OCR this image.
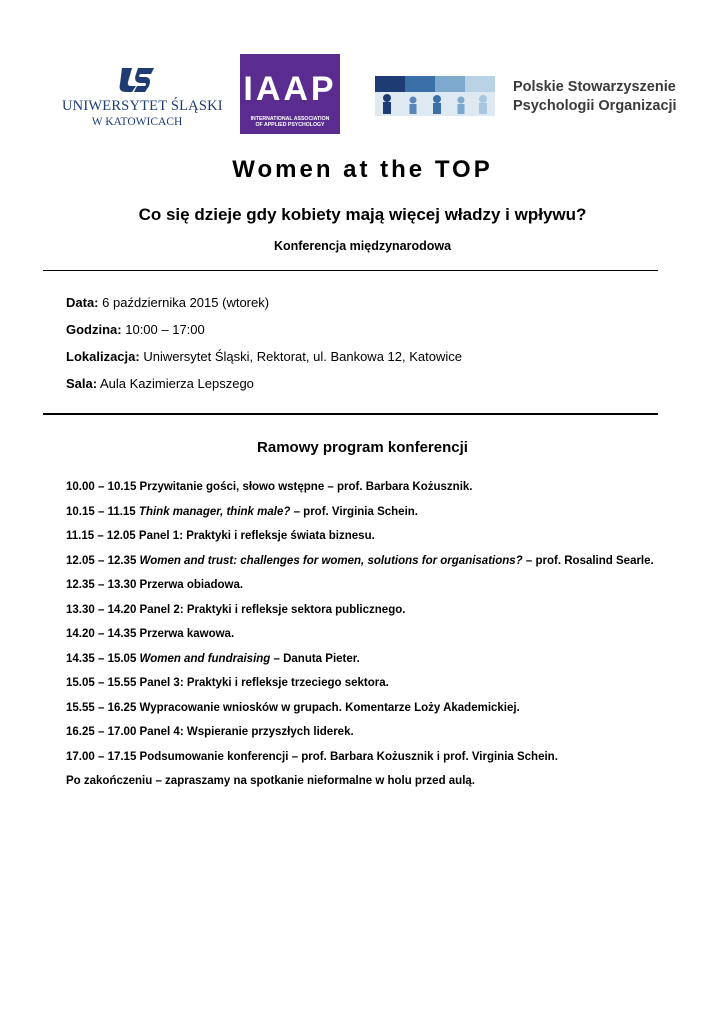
UNIWERSYTET ŚLĄSKI
W KATOWICACH
IAAP
INTERNATIONAL ASSOCIATION
OF APPLIED PSYCHOLOGY
Polskie Stowarzyszenie
Psychologii Organizacji
Women at the TOP
Co się dzieje gdy kobiety mają więcej władzy i wpływu?
Konferencja międzynarodowa
Data: 6 października 2015 (wtorek)
Godzina: 10:00 – 17:00
Lokalizacja: Uniwersytet Śląski, Rektorat, ul. Bankowa 12, Katowice
Sala: Aula Kazimierza Lepszego
Ramowy program konferencji
10.00 – 10.15 Przywitanie gości, słowo wstępne – prof. Barbara Kożusznik.
10.15 – 11.15 Think manager, think male? – prof. Virginia Schein.
11.15 – 12.05 Panel 1: Praktyki i refleksje świata biznesu.
12.05 – 12.35 Women and trust: challenges for women, solutions for organisations? – prof. Rosalind Searle.
12.35 – 13.30 Przerwa obiadowa.
13.30 – 14.20 Panel 2: Praktyki i refleksje sektora publicznego.
14.20 – 14.35 Przerwa kawowa.
14.35 – 15.05 Women and fundraising – Danuta Pieter.
15.05 – 15.55 Panel 3: Praktyki i refleksje trzeciego sektora.
15.55 – 16.25 Wypracowanie wniosków w grupach. Komentarze Loży Akademickiej.
16.25 – 17.00 Panel 4: Wspieranie przyszłych liderek.
17.00 – 17.15 Podsumowanie konferencji – prof. Barbara Kożusznik i prof. Virginia Schein.
Po zakończeniu – zapraszamy na spotkanie nieformalne w holu przed aulą.
